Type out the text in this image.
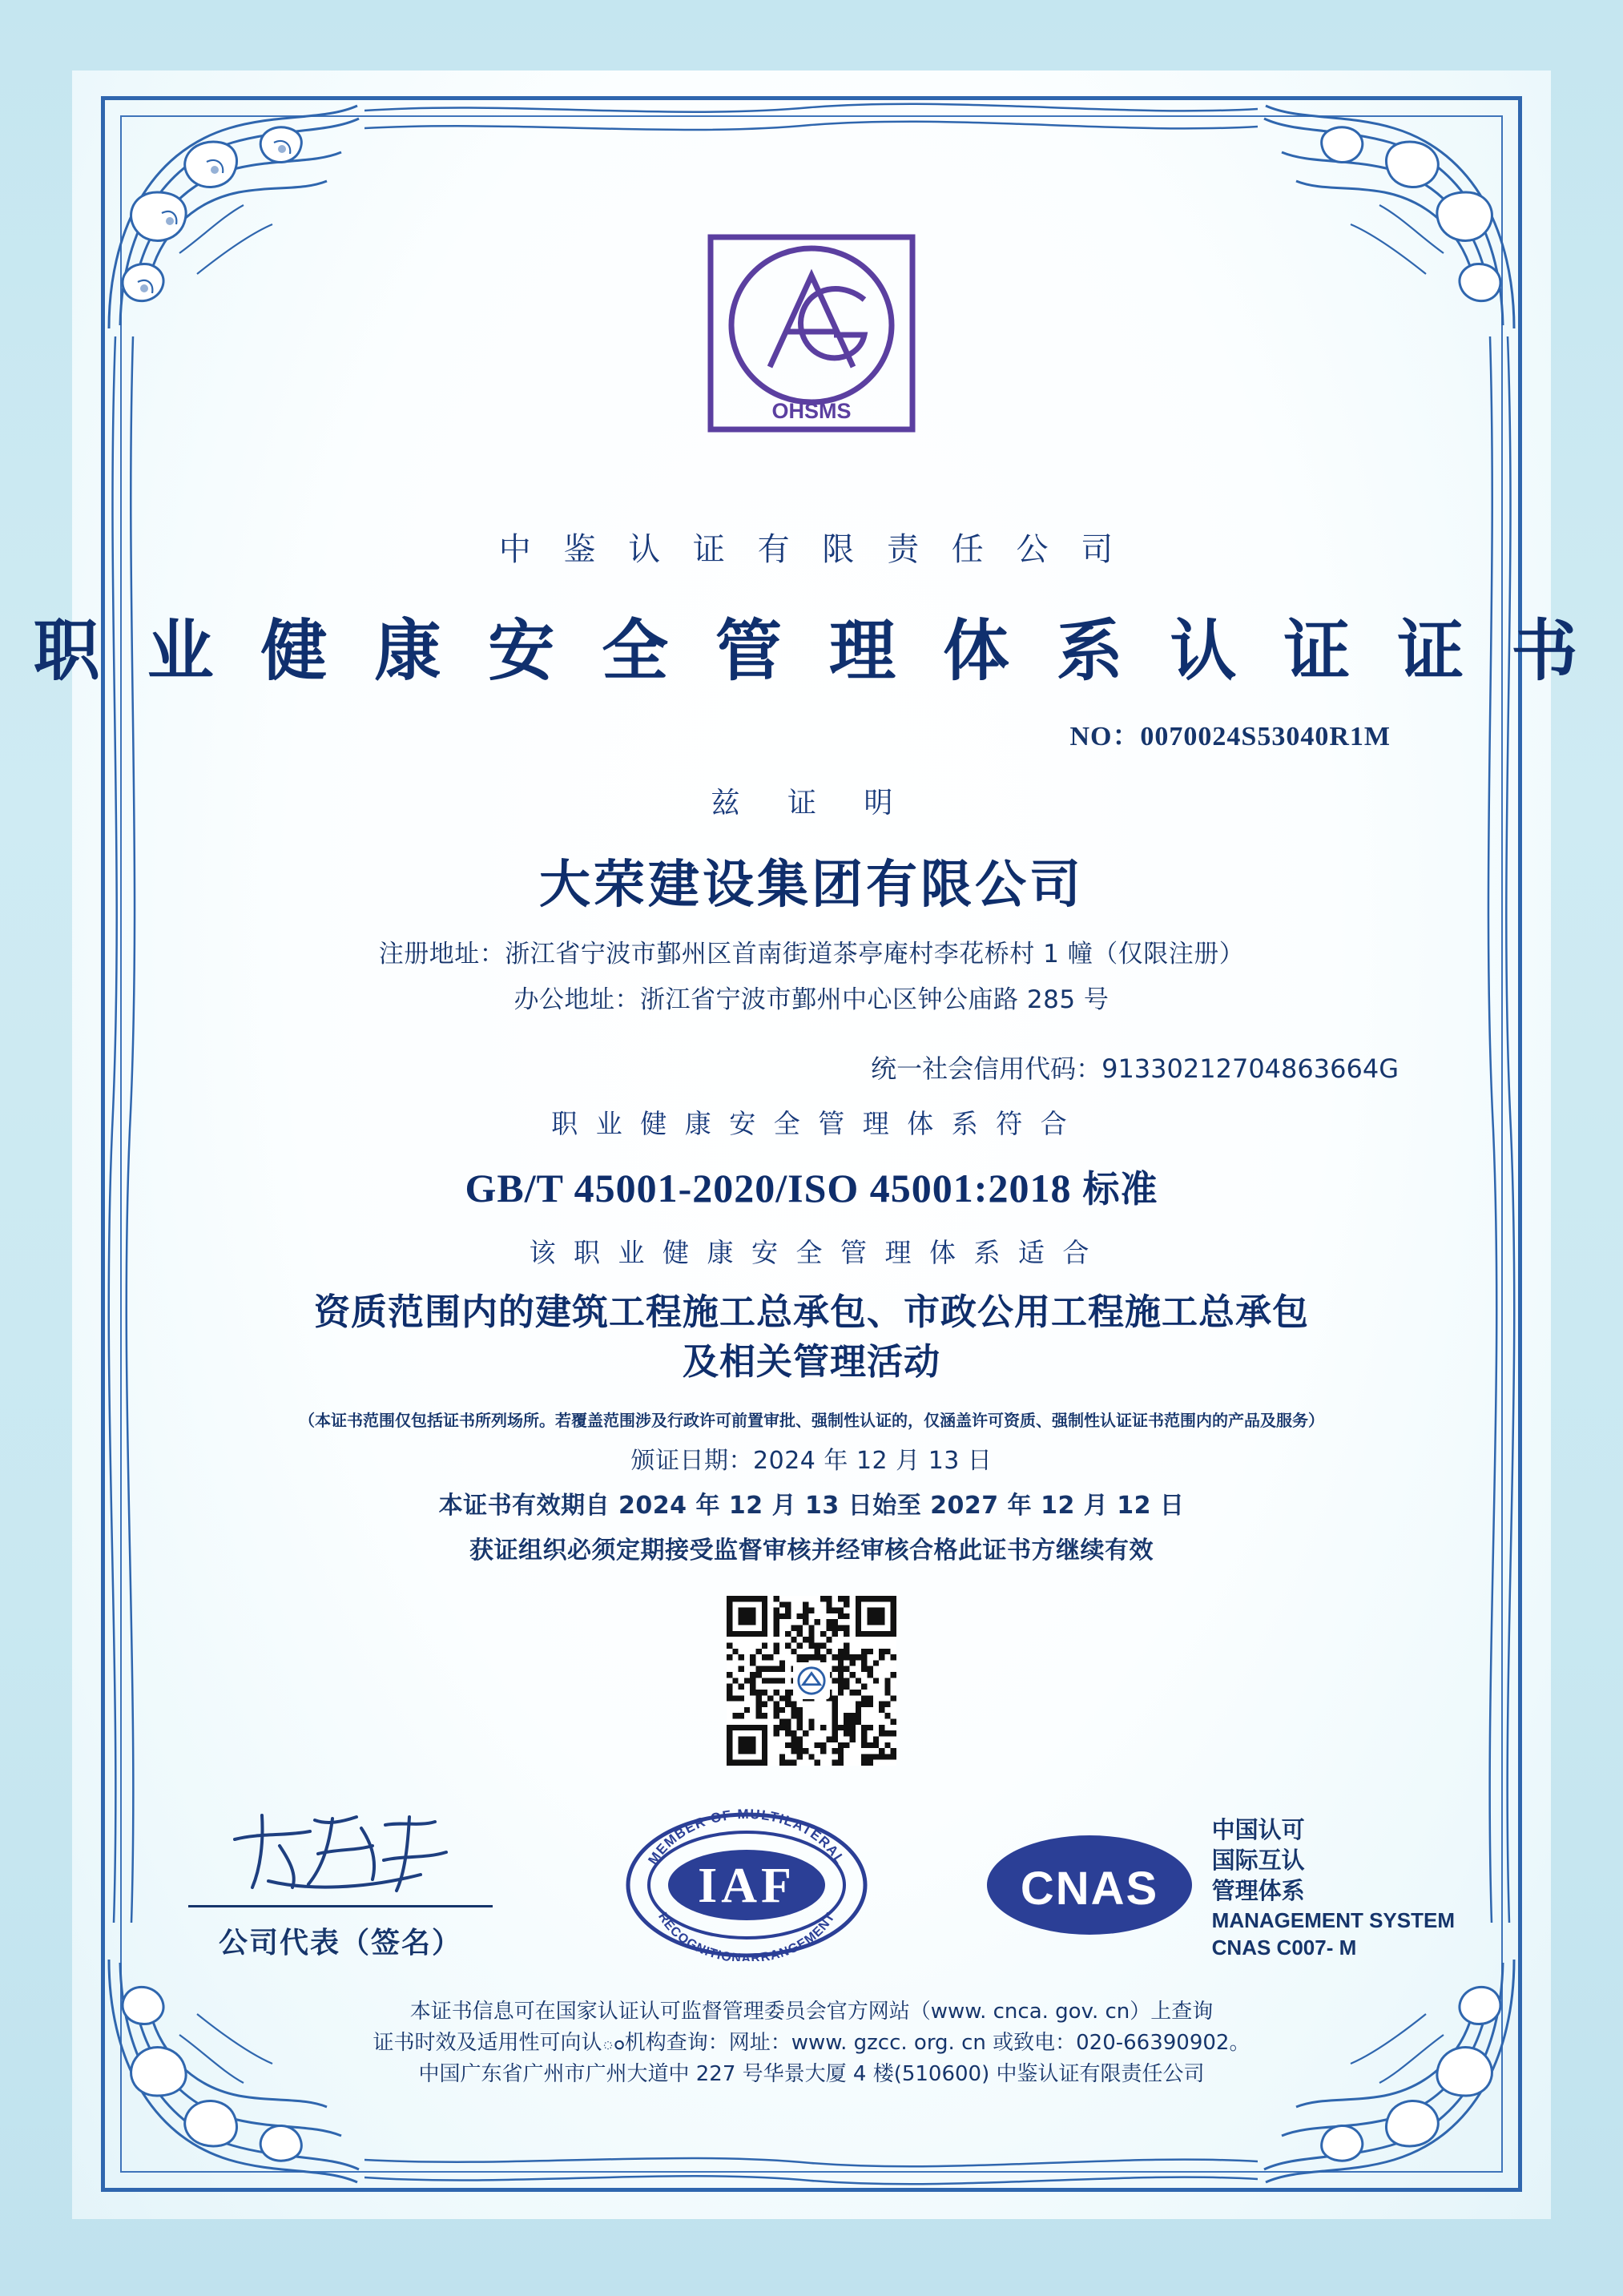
OHSMS
中 鉴 认 证 有 限 责 任 公 司
职 业 健 康 安 全 管 理 体 系 认 证 证 书
NO：0070024S53040R1M
兹 证 明
大荣建设集团有限公司
注册地址：浙江省宁波市鄞州区首南街道茶亭庵村李花桥村 1 幢（仅限注册）
办公地址：浙江省宁波市鄞州中心区钟公庙路 285 号
统一社会信用代码：91330212704863664G
职 业 健 康 安 全 管 理 体 系 符 合
GB/T 45001-2020/ISO 45001:2018 标准
该 职 业 健 康 安 全 管 理 体 系 适 合
资质范围内的建筑工程施工总承包、市政公用工程施工总承包
及相关管理活动
（本证书范围仅包括证书所列场所。若覆盖范围涉及行政许可前置审批、强制性认证的，仅涵盖许可资质、强制性认证证书范围内的产品及服务）
颁证日期：2024 年 12 月 13 日
本证书有效期自 2024 年 12 月 13 日始至 2027 年 12 月 12 日
获证组织必须定期接受监督审核并经审核合格此证书方继续有效
公司代表（签名）
IAF
MEMBER OF MULTILATERAL
RECOGNITIONARRANGEMENT
CNAS
中国认可
国际互认
管理体系
MANAGEMENT SYSTEM
CNAS C007- M
本证书信息可在国家认证认可监督管理委员会官方网站（www. cnca. gov. cn）上查询
证书时效及适用性可向认ం机构查询：网址：www. gzcc. org. cn 或致电：020-66390902。
中国广东省广州市广州大道中 227 号华景大厦 4 楼(510600) 中鉴认证有限责任公司
